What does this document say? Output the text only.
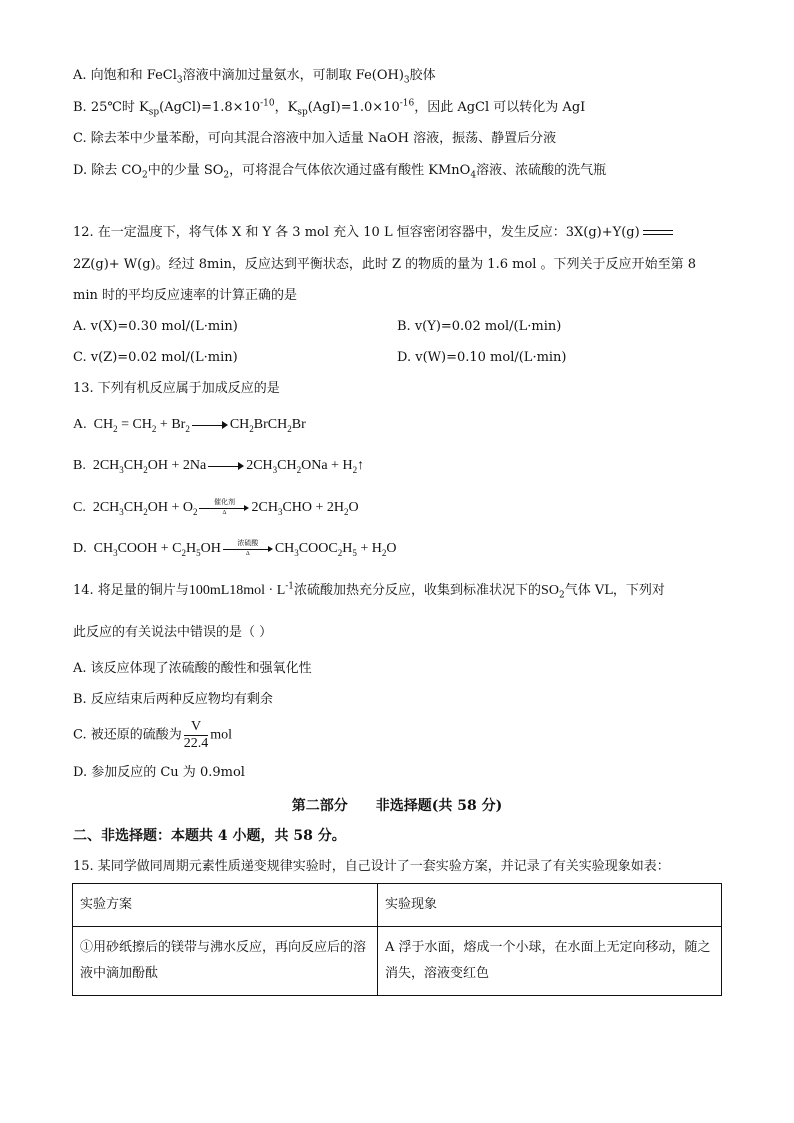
A. 向饱和和 FeCl$_3$溶液中滴加过量氨水，可制取 $Fe(OH)_3$胶体
B. 25℃时 $K_{sp}(AgCl)=1.8\times 10^{-10}$，$K_{sp}(AgI)=1.0\times 10^{-16}$，因此 AgCl 可以转化为 AgI
C. 除去苯中少量苯酚，可向其混合溶液中加入适量 NaOH 溶液，振荡、静置后分液
D. 除去 $CO_2$中的少量 $SO_2$，可将混合气体依次通过盛有酸性 KMnO$_4$溶液、浓硫酸的洗气瓶
12. 在一定温度下，将气体 X 和 Y 各 3 mol 充入 10 L 恒容密闭容器中，发生反应：3X(g)+Y(g)
2Z(g)+ W(g)。经过 8min，反应达到平衡状态，此时 Z 的物质的量为 1.6 mol 。下列关于反应开始至第 8
min 时的平均反应速率的计算正确的是
A. v(X)=0.30 mol/(L·min)	B. v(Y)=0.02 mol/(L·min)
C. v(Z)=0.02 mol/(L·min)	D. v(W)=0.10 mol/(L·min)
13. 下列有机反应属于加成反应的是
A.  $CH_2 = CH_2 + Br_2$	$CH_2BrCH_2Br$
B.  $2CH_3CH_2OH + 2Na$	$2CH_3CH_2ONa$ + $H_2↑$
C.  $2CH_3CH_2OH + O_2$
催化剂
Δ	$2CH_3CHO + 2H_2O$
D.  $CH_3COOH + C_2H_5OH$	浓硫酸
Δ	$CH_3COOC_2H_5 + H_2O$
14. 将足量的铜片与$100mL18mol \cdot L^{-1}$浓硫酸加热充分反应，收集到标准状况下的$SO_2$气体 VL，下列对
此反应的有关说法中错误的是（ ）
A. 该反应体现了浓硫酸的酸性和强氧化性
B. 反应结束后两种反应物均有剩余
C. 被还原的硫酸为 $\frac{V}{22.4}$ mol
D. 参加反应的 Cu 为 0.9mol
第二部分　　非选择题(共 58 分)
二、非选择题：本题共 4 小题，共 58 分。
15. 某同学做同周期元素性质递变规律实验时，自己设计了一套实验方案，并记录了有关实验现象如表：
实验方案	实验现象
①用砂纸擦后的镁带与沸水反应，再向反应后的溶液中滴加酚酞	A 浮于水面，熔成一个小球，在水面上无定向移动，随之消失，溶液变红色
